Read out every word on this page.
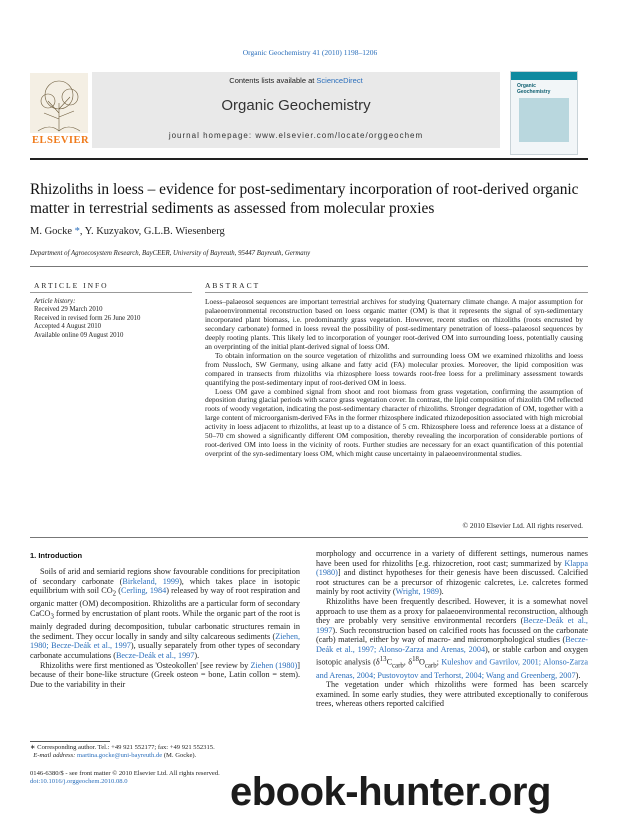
Organic Geochemistry 41 (2010) 1198–1206
Contents lists available at ScienceDirect
Organic Geochemistry
journal homepage: www.elsevier.com/locate/orggeochem
ELSEVIER
Organic
Geochemistry
Rhizoliths in loess – evidence for post-sedimentary incorporation of root-derived organic matter in terrestrial sediments as assessed from molecular proxies
M. Gocke *, Y. Kuzyakov, G.L.B. Wiesenberg
Department of Agroecosystem Research, BayCEER, University of Bayreuth, 95447 Bayreuth, Germany
ARTICLE INFO	ABSTRACT
Article history:
Received 29 March 2010
Received in revised form 26 June 2010
Accepted 4 August 2010
Available online 09 August 2010

Loess–palaeosol sequences are important terrestrial archives for studying Quaternary climate change. A major assumption for palaeoenvironmental reconstruction based on loess organic matter (OM) is that it represents the signal of syn-sedimentary incorporated plant biomass, i.e. predominantly grass vegetation. However, recent studies on rhizoliths (roots encrusted by secondary carbonate) formed in loess reveal the possibility of post-sedimentary penetration of loess–palaeosol sequences by deeply rooting plants. This likely led to incorporation of younger root-derived OM into surrounding loess, potentially causing an overprinting of the initial plant-derived signal of loess OM.

To obtain information on the source vegetation of rhizoliths and surrounding loess OM we examined rhizoliths and loess from Nussloch, SW Germany, using alkane and fatty acid (FA) molecular proxies. Moreover, the lipid composition was compared in transects from rhizoliths via rhizosphere loess towards root-free loess for a preliminary assessment towards quantifying the post-sedimentary input of root-derived OM in loess.

Loess OM gave a combined signal from shoot and root biomass from grass vegetation, confirming the assumption of deposition during glacial periods with scarce grass vegetation cover. In contrast, the lipid composition of rhizolith OM reflected roots of woody vegetation, indicating the post-sedimentary character of rhizoliths. Stronger degradation of OM, together with a large content of microorganism-derived FAs in the former rhizosphere indicated rhizodeposition associated with high microbial activity in loess adjacent to rhizoliths, at least up to a distance of 5 cm. Rhizosphere loess and reference loess at a distance of 50–70 cm showed a significantly different OM composition, thereby revealing the incorporation of considerable portions of root-derived OM into loess in the vicinity of roots. Further studies are necessary for an exact quantification of this potential overprint of the syn-sedimentary loess OM, which might cause uncertainty in palaeoenvironmental studies.

© 2010 Elsevier Ltd. All rights reserved.
1. Introduction

Soils of arid and semiarid regions show favourable conditions for precipitation of secondary carbonate (Birkeland, 1999), which takes place in isotopic equilibrium with soil $CO_2$ (Cerling, 1984) released by way of root respiration and organic matter (OM) decomposition. Rhizoliths are a particular form of secondary CaCO$_3$ formed by encrustation of plant roots. While the organic part of the root is mainly degraded during decomposition, tubular carbonatic structures remain in the sediment. They occur locally in sandy and silty calcareous sediments (Ziehen, 1980; Becze-Deák et al., 1997), usually separately from other types of secondary carbonate accumulations (Becze-Deák et al., 1997).

Rhizoliths were first mentioned as 'Osteokollen' [see review by Ziehen (1980)] because of their bone-like structure (Greek osteon = bone, Latin collon = stem). Due to the variability in their

morphology and occurrence in a variety of different settings, numerous names have been used for rhizoliths [e.g. rhizocretion, root cast; summarized by Klappa (1980)] and distinct hypotheses for their genesis have been discussed. Calcified root structures can be a precursor of rhizogenic calcretes, i.e. calcretes formed mainly by root activity (Wright, 1989).

Rhizoliths have been frequently described. However, it is a somewhat novel approach to use them as a proxy for palaeoenvironmental reconstruction, although they are probably very sensitive environmental recorders (Becze-Deák et al., 1997). Such reconstruction based on calcified roots has focussed on the carbonate (carb) material, either by way of macro- and micromorphological studies (Becze-Deák et al., 1997; Alonso-Zarza and Arenas, 2004), or stable carbon and oxygen isotopic analysis ($\delta^{13}C_{carb}$, $\delta^{18}O_{carb}$; Kuleshov and Gavrilov, 2001; Alonso-Zarza and Arenas, 2004; Pustovoytov and Terhorst, 2004; Wang and Greenberg, 2007).

The vegetation under which rhizoliths were formed has been scarcely examined. In some early studies, they were attributed exceptionally to coniferous trees, whereas others reported calcified

∗ Corresponding author. Tel.: +49 921 552177; fax: +49 921 552315.
E-mail address: martina.gocke@uni-bayreuth.de (M. Gocke).
0146-6380/$ - see front matter © 2010 Elsevier Ltd. All rights reserved.
doi:10.1016/j.orggeochem.2010.08.0	ebook-hunter.org
